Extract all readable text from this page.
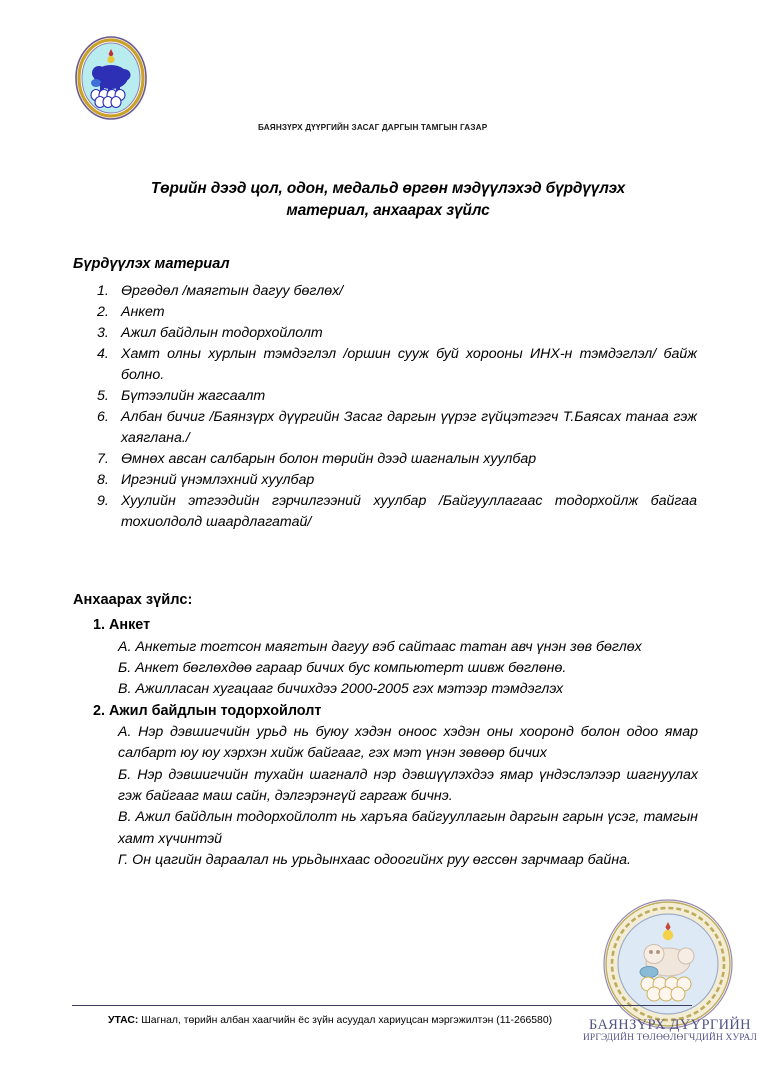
БАЯНЗҮРХ ДҮҮРГИЙН ЗАСАГ ДАРГЫН ТАМГЫН ГАЗАР
Төрийн дээд цол, одон, медальд өргөн мэдүүлэхэд бүрдүүлэх материал, анхаарах зүйлс
Бүрдүүлэх материал
1. Өргөдөл /маягтын дагуу бөглөх/
2. Анкет
3. Ажил байдлын тодорхойлолт
4. Хамт олны хурлын тэмдэглэл /оршин сууж буй хорооны ИНХ-н тэмдэглэл/ байж болно.
5. Бүтээлийн жагсаалт
6. Албан бичиг /Баянзүрх дүүргийн Засаг даргын үүрэг гүйцэтгэгч Т.Баясах танаа гэж хаяглана./
7. Өмнөх авсан салбарын болон төрийн дээд шагналын хуулбар
8. Иргэний үнэмлэхний хуулбар
9. Хуулийн этгээдийн гэрчилгээний хуулбар /Байгууллагаас тодорхойлж байгаа тохиолдолд шаардлагатай/
Анхаарах зүйлс:
1. Анкет
А. Анкетыг тогтсон маягтын дагуу вэб сайтаас татан авч үнэн зөв бөглөх
Б. Анкет бөглөхдөө гараар бичих бус компьютерт шивж бөглөнө.
В. Ажилласан хугацааг бичихдээ 2000-2005 гэх мэтээр тэмдэглэх
2. Ажил байдлын тодорхойлолт
А. Нэр дэвшигчийн урьд нь буюу хэдэн оноос хэдэн оны хооронд болон одоо ямар салбарт юу юу хэрхэн хийж байгааг, гэх мэт үнэн зөвөөр бичих
Б. Нэр дэвшигчийн тухайн шагналд нэр дэвшүүлэхдээ ямар үндэслэлээр шагнуулах гэж байгааг маш сайн, дэлгэрэнгүй гаргаж бичнэ.
В. Ажил байдлын тодорхойлолт нь харъяа байгууллагын даргын гарын үсэг, тамгын хамт хүчинтэй
Г. Он цагийн дараалал нь урьдынхаас одоогийнх руу өгссөн зарчмаар байна.
БАЯНЗҮРХ ДҮҮРГИЙН
ИРГЭДИЙН ТӨЛӨӨЛӨГЧДИЙН ХУРАЛ
УТАС: Шагнал, төрийн албан хаагчийн ёс зүйн асуудал хариуцсан мэргэжилтэн (11-266580)
